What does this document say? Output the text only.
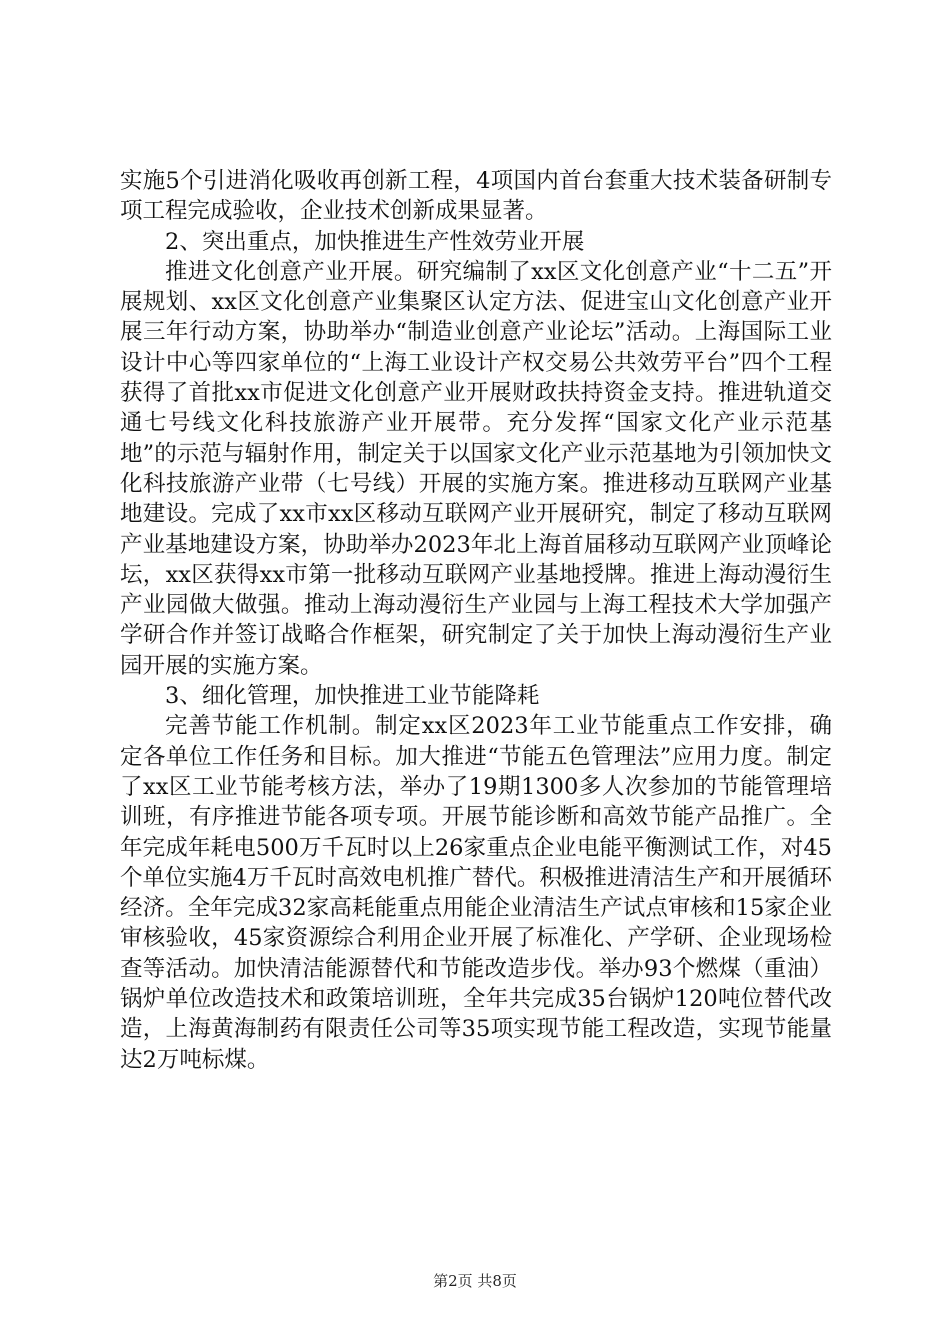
实施5个引进消化吸收再创新工程，4项国内首台套重大技术装备研制专项工程完成验收，企业技术创新成果显著。

2、突出重点，加快推进生产性效劳业开展

推进文化创意产业开展。研究编制了xx区文化创意产业“十二五”开展规划、xx区文化创意产业集聚区认定方法、促进宝山文化创意产业开展三年行动方案，协助举办“制造业创意产业论坛”活动。上海国际工业设计中心等四家单位的“上海工业设计产权交易公共效劳平台”四个工程获得了首批xx市促进文化创意产业开展财政扶持资金支持。推进轨道交通七号线文化科技旅游产业开展带。充分发挥“国家文化产业示范基地”的示范与辐射作用，制定关于以国家文化产业示范基地为引领加快文化科技旅游产业带（七号线）开展的实施方案。推进移动互联网产业基地建设。完成了xx市xx区移动互联网产业开展研究，制定了移动互联网产业基地建设方案，协助举办2023年北上海首届移动互联网产业顶峰论坛，xx区获得xx市第一批移动互联网产业基地授牌。推进上海动漫衍生产业园做大做强。推动上海动漫衍生产业园与上海工程技术大学加强产学研合作并签订战略合作框架，研究制定了关于加快上海动漫衍生产业园开展的实施方案。

3、细化管理，加快推进工业节能降耗

完善节能工作机制。制定xx区2023年工业节能重点工作安排，确定各单位工作任务和目标。加大推进“节能五色管理法”应用力度。制定了xx区工业节能考核方法，举办了19期1300多人次参加的节能管理培训班，有序推进节能各项专项。开展节能诊断和高效节能产品推广。全年完成年耗电500万千瓦时以上26家重点企业电能平衡测试工作，对45个单位实施4万千瓦时高效电机推广替代。积极推进清洁生产和开展循环经济。全年完成32家高耗能重点用能企业清洁生产试点审核和15家企业审核验收，45家资源综合利用企业开展了标准化、产学研、企业现场检查等活动。加快清洁能源替代和节能改造步伐。举办93个燃煤（重油）锅炉单位改造技术和政策培训班，全年共完成35台锅炉120吨位替代改造，上海黄海制药有限责任公司等35项实现节能工程改造，实现节能量达2万吨标煤。

第2页 共8页
